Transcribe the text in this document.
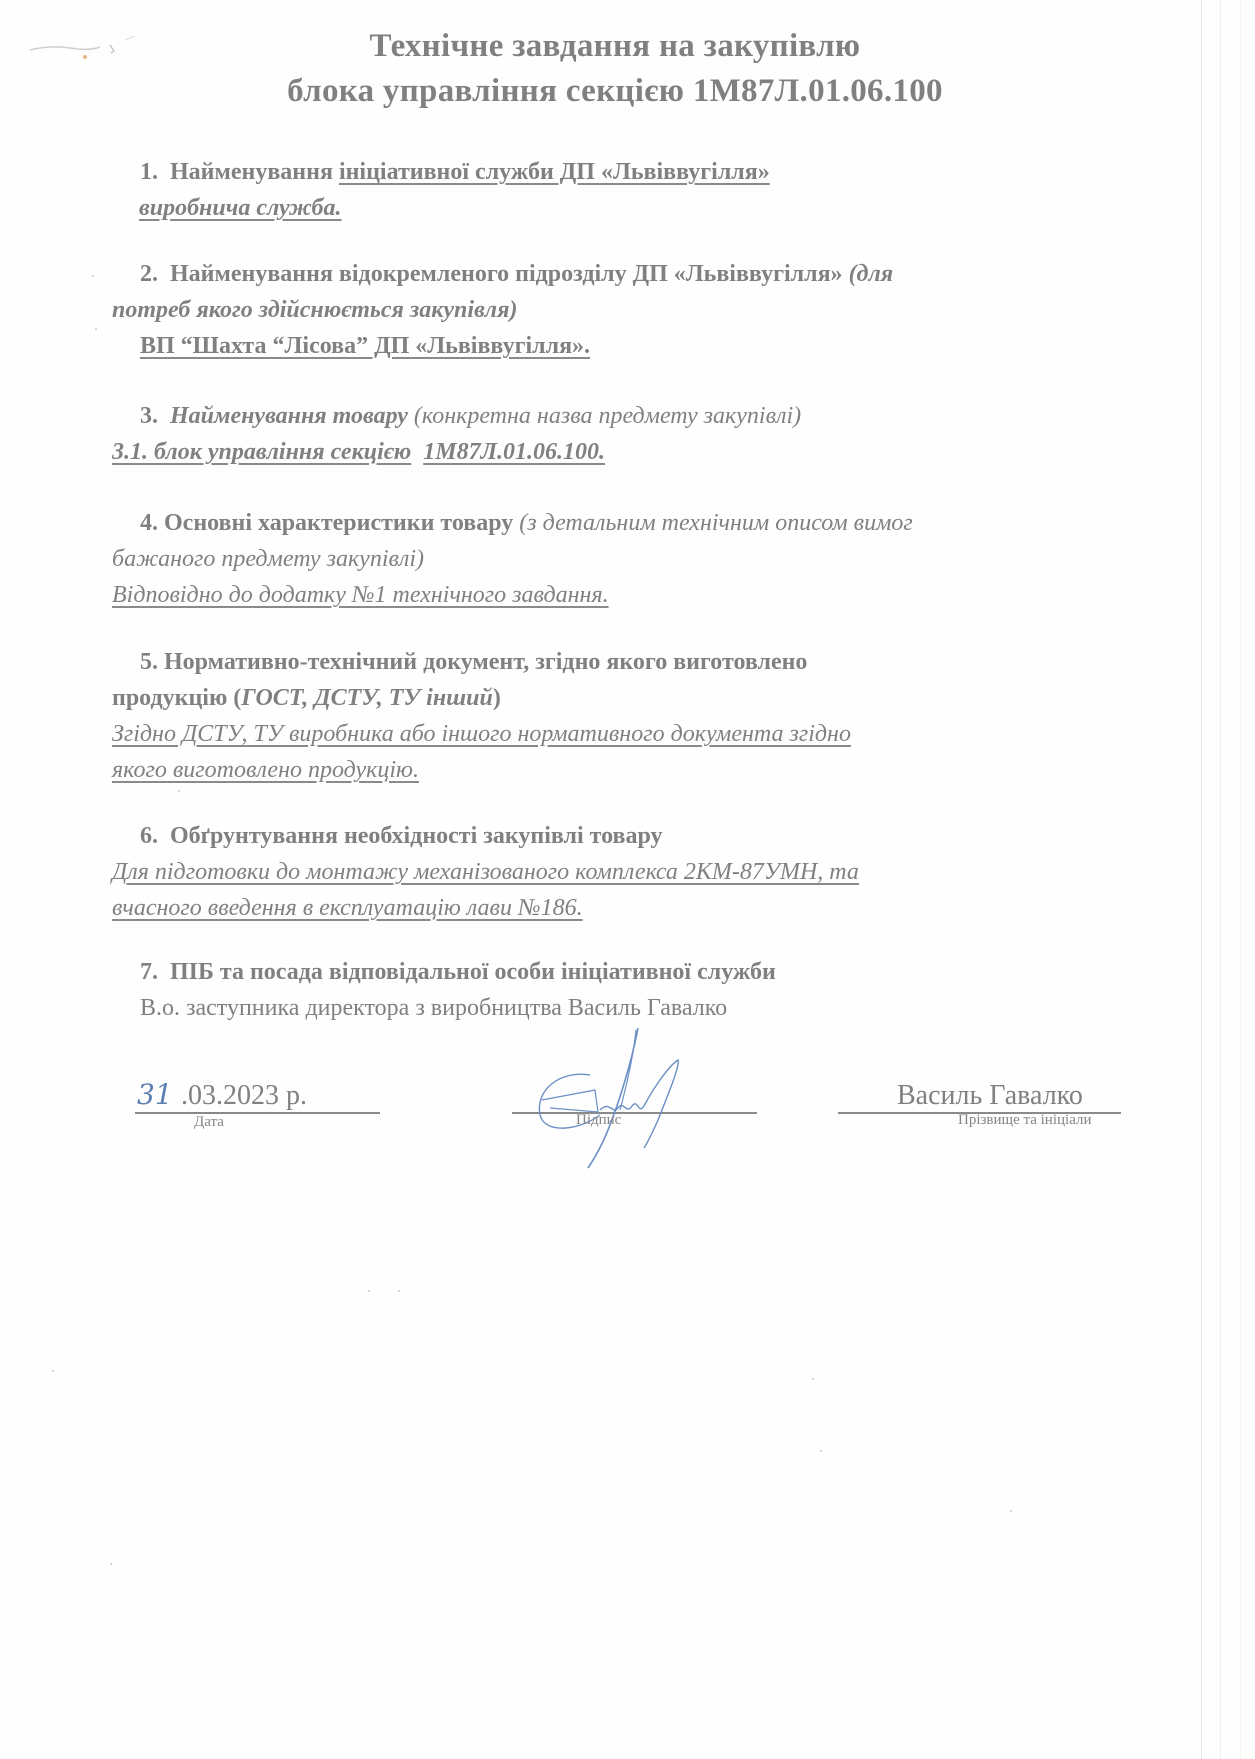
Технічне завдання на закупівлю
блока управління секцією 1М87Л.01.06.100
1. Найменування ініціативної служби ДП «Львіввугілля»
виробнича служба.
2. Найменування відокремленого підрозділу ДП «Львіввугілля» (для
потреб якого здійснюється закупівля)
ВП “Шахта “Лісова” ДП «Львіввугілля».
3. Найменування товару (конкретна назва предмету закупівлі)
3.1. блок управління секцією 1М87Л.01.06.100.
4. Основні характеристики товару (з детальним технічним описом вимог
бажаного предмету закупівлі)
Відповідно до додатку №1 технічного завдання.
5. Нормативно-технічний документ, згідно якого виготовлено
продукцію (ГОСТ, ДСТУ, ТУ інший)
Згідно ДСТУ, ТУ виробника або іншого нормативного документа згідно
якого виготовлено продукцію.
6. Обґрунтування необхідності закупівлі товару
Для підготовки до монтажу механізованого комплекса 2КМ-87УМН, та
вчасного введення в експлуатацію лави №186.
7. ПІБ та посада відповідальної особи ініціативної служби
В.о. заступника директора з виробництва Василь Гавалко
31 .03.2023 р.
Дата	Підпис
Василь Гавалко
Прізвище та ініціали
